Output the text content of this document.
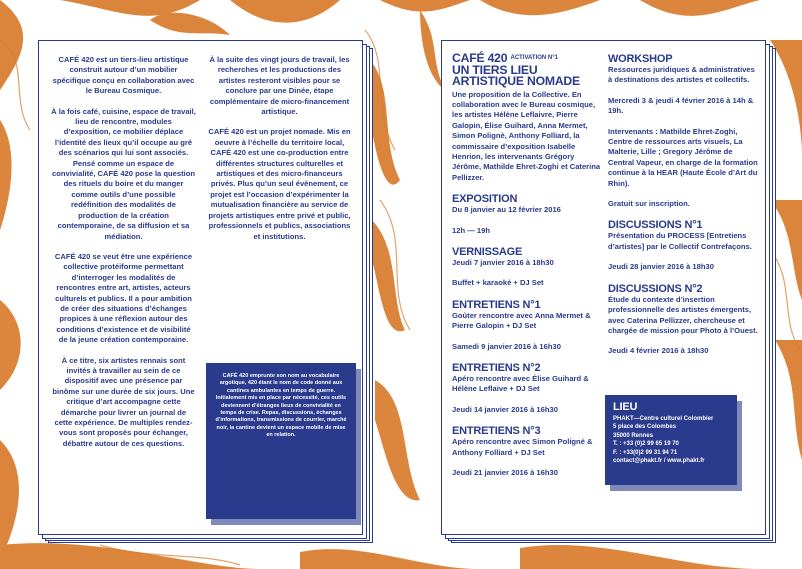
CAFÉ 420 est un tiers-lieu artistique construit autour d’un mobilier spécifique conçu en collaboration avec le Bureau Cosmique.

À la fois café, cuisine, espace de travail, lieu de rencontre, modules d’exposition, ce mobilier déplace l’identité des lieux qu’il occupe au gré des scénarios qui lui sont associés. Pensé comme un espace de convivialité, CAFÉ 420 pose la question des rituels du boire et du manger comme outils d’une possible redéfinition des modalités de production de la création contemporaine, de sa diffusion et sa médiation.

CAFÉ 420 se veut être une expérience collective protéiforme permettant d’interroger les modalités de rencontres entre art, artistes, acteurs culturels et publics. Il a pour ambition de créer des situations d’échanges propices à une réflexion autour des conditions d’existence et de visibilité de la jeune création contemporaine.

À ce titre, six artistes rennais sont invités à travailler au sein de ce dispositif avec une présence par binôme sur une durée de six jours. Une critique d’art accompagne cette démarche pour livrer un journal de cette expérience. De multiples rendez-vous sont proposés pour échanger, débattre autour de ces questions.

À la suite des vingt jours de travail, les recherches et les productions des artistes resteront visibles pour se conclure par une Dinée, étape complémentaire de micro-financement artistique.

CAFÉ 420 est un projet nomade. Mis en oeuvre à l’échelle du territoire local, CAFÉ 420 est une co-production entre différentes structures culturelles et artistiques et des micro-financeurs privés. Plus qu’un seul évènement, ce projet est l’occasion d’expérimenter la mutualisation financière au service de projets artistiques entre privé et public, professionnels et publics, associations et institutions.

CAFÉ 420 emprunte son nom au vocabulaire argotique, 420 étant le nom de code donné aux cantines ambulantes en temps de guerre. Initialement mis en place par nécessité, ces outils deviennent d’étranges lieux de convivialité en temps de crise. Repas, discussions, échanges d’informations, transmissions de courrier, marché noir, la cantine devient un espace mobile de mise en relation.
CAFÉ 420 $^{ACTIVATION N^\circ 1}$
UN TIERS LIEU
ARTISTIQUE NOMADE

Une proposition de la Collective. En collaboration avec le Bureau cosmique, les artistes Hélène Leflaivre, Pierre Galopin, Élise Guihard, Anna Mermet, Simon Polignè, Anthony Folliard, la commissaire d’exposition Isabelle Henrion, les intervenants Grégory Jérôme, Mathilde Ehret-Zoghi et Caterina Pellizzer.

EXPOSITION

Du 8 janvier au 12 février 2016

12h — 19h

VERNISSAGE

Jeudi 7 janvier 2016 à 18h30

Buffet + karaoké + DJ Set

ENTRETIENS N°1

Goûter rencontre avec Anna Mermet & Pierre Galopin + DJ Set

Samedi 9 janvier 2016 à 16h30

ENTRETIENS N°2

Apéro rencontre avec Élise Guihard & Hélène Leflaive + DJ Set

Jeudi 14 janvier 2016 à 16h30

ENTRETIENS N°3

Apéro rencontre avec Simon Polignè & Anthony Folliard + DJ Set

Jeudi 21 janvier 2016 à 16h30

WORKSHOP

Ressources juridiques & administratives à destinations des artistes et collectifs.

Mercredi 3 & jeudi 4 février 2016 à 14h & 19h.

Intervenants : Mathilde Ehret-Zoghi, Centre de ressources arts visuels, La Malterie, Lille ; Gregory Jérôme de Central Vapeur, en charge de la formation continue à la HEAR (Haute École d’Art du Rhin).

Gratuit sur inscription.

DISCUSSIONS N°1

Présentation du PROCESS [Entretiens d’artistes] par le Collectif Contrefaçons.

Jeudi 28 janvier 2016 à 18h30

DISCUSSIONS N°2

Étude du contexte d’insertion professionnelle des artistes émergents, avec Caterina Pellizzer, chercheuse et chargée de mission pour Photo à l’Ouest.

Jeudi 4 février 2016 à 18h30

LIEU
PHAKT—Centre culturel Colombier
5 place des Colombes
35000 Rennes
T. : +33 (0)2 99 65 19 70
F. : +33(0)2 99 31 94 71
contact@phakt.fr / www.phakt.fr
